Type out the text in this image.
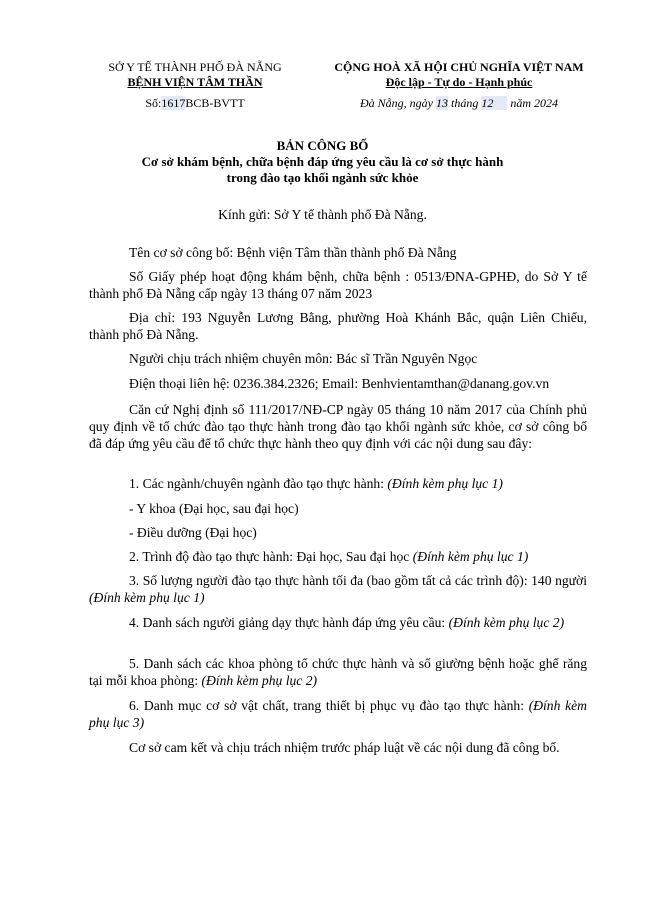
SỞ Y TẾ THÀNH PHỐ ĐÀ NẴNG
BỆNH VIỆN TÂM THẦN
Số:1617BCB-BVTT
CỘNG HOÀ XÃ HỘI CHỦ NGHĨA VIỆT NAM
Độc lập - Tự do - Hạnh phúc
Đà Nẵng, ngày 13 tháng 12 năm 2024
BẢN CÔNG BỐ
Cơ sở khám bệnh, chữa bệnh đáp ứng yêu cầu là cơ sở thực hành
trong đào tạo khối ngành sức khỏe
Kính gửi: Sở Y tế thành phố Đà Nẵng.

Tên cơ sở công bố: Bệnh viện Tâm thần thành phố Đà Nẵng

Số Giấy phép hoạt động khám bệnh, chữa bệnh : 0513/ĐNA-GPHĐ, do Sở Y tế thành phố Đà Nẵng cấp ngày 13 tháng 07 năm 2023

Địa chỉ: 193 Nguyễn Lương Bằng, phường Hoà Khánh Bắc, quận Liên Chiểu, thành phố Đà Nẵng.

Người chịu trách nhiệm chuyên môn: Bác sĩ Trần Nguyên Ngọc

Điện thoại liên hệ: 0236.384.2326; Email: Benhvientamthan@danang.gov.vn

Căn cứ Nghị định số 111/2017/NĐ-CP ngày 05 tháng 10 năm 2017 của Chính phủ quy định về tổ chức đào tạo thực hành trong đào tạo khối ngành sức khỏe, cơ sở công bố đã đáp ứng yêu cầu để tổ chức thực hành theo quy định với các nội dung sau đây:

1. Các ngành/chuyên ngành đào tạo thực hành: (Đính kèm phụ lục 1)

- Y khoa (Đại học, sau đại học)

- Điều dưỡng (Đại học)

2. Trình độ đào tạo thực hành: Đại học, Sau đại học (Đính kèm phụ lục 1)

3. Số lượng người đào tạo thực hành tối đa (bao gồm tất cả các trình độ): 140 người (Đính kèm phụ lục 1)

4. Danh sách người giảng dạy thực hành đáp ứng yêu cầu: (Đính kèm phụ lục 2)

5. Danh sách các khoa phòng tổ chức thực hành và số giường bệnh hoặc ghế răng tại mỗi khoa phòng: (Đính kèm phụ lục 2)

6. Danh mục cơ sở vật chất, trang thiết bị phục vụ đào tạo thực hành: (Đính kèm phụ lục 3)

Cơ sở cam kết và chịu trách nhiệm trước pháp luật về các nội dung đã công bố.
